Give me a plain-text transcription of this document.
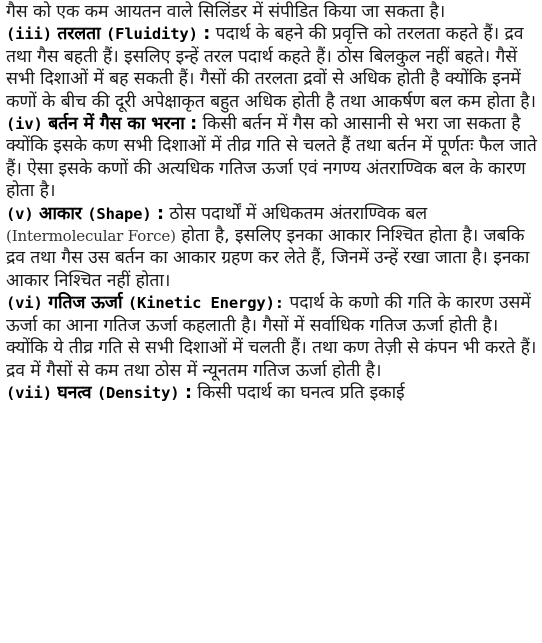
गैस को एक कम आयतन वाले सिलिंडर में संपीडित किया जा सकता है।

(iii) तरलता (Fluidity) : पदार्थ के बहने की प्रवृत्ति को तरलता कहते हैं। द्रव तथा गैस बहती हैं। इसलिए इन्हें तरल पदार्थ कहते हैं। ठोस बिलकुल नहीं बहते। गैसें सभी दिशाओं में बह सकती हैं। गैसों की तरलता द्रवों से अधिक होती है क्योंकि इनमें कणों के बीच की दूरी अपेक्षाकृत बहुत अधिक होती है तथा आकर्षण बल कम होता है।

(iv) बर्तन में गैस का भरना : किसी बर्तन में गैस को आसानी से भरा जा सकता है क्योंकि इसके कण सभी दिशाओं में तीव्र गति से चलते हैं तथा बर्तन में पूर्णतः फैल जाते हैं। ऐसा इसके कणों की अत्यधिक गतिज ऊर्जा एवं नगण्य अंतराण्विक बल के कारण होता है।

(v) आकार (Shape) : ठोस पदार्थों में अधिकतम अंतराण्विक बल (Intermolecular Force) होता है, इसलिए इनका आकार निश्चित होता है। जबकि द्रव तथा गैस उस बर्तन का आकार ग्रहण कर लेते हैं, जिनमें उन्हें रखा जाता है। इनका आकार निश्चित नहीं होता।

(vi) गतिज ऊर्जा (Kinetic Energy): पदार्थ के कणो की गति के कारण उसमें ऊर्जा का आना गतिज ऊर्जा कहलाती है। गैसों में सर्वाधिक गतिज ऊर्जा होती है। क्योंकि ये तीव्र गति से सभी दिशाओं में चलती हैं। तथा कण तेज़ी से कंपन भी करते हैं। द्रव में गैसों से कम तथा ठोस में न्यूनतम गतिज ऊर्जा होती है।

(vii) घनत्व (Density) : किसी पदार्थ का घनत्व प्रति इकाई
